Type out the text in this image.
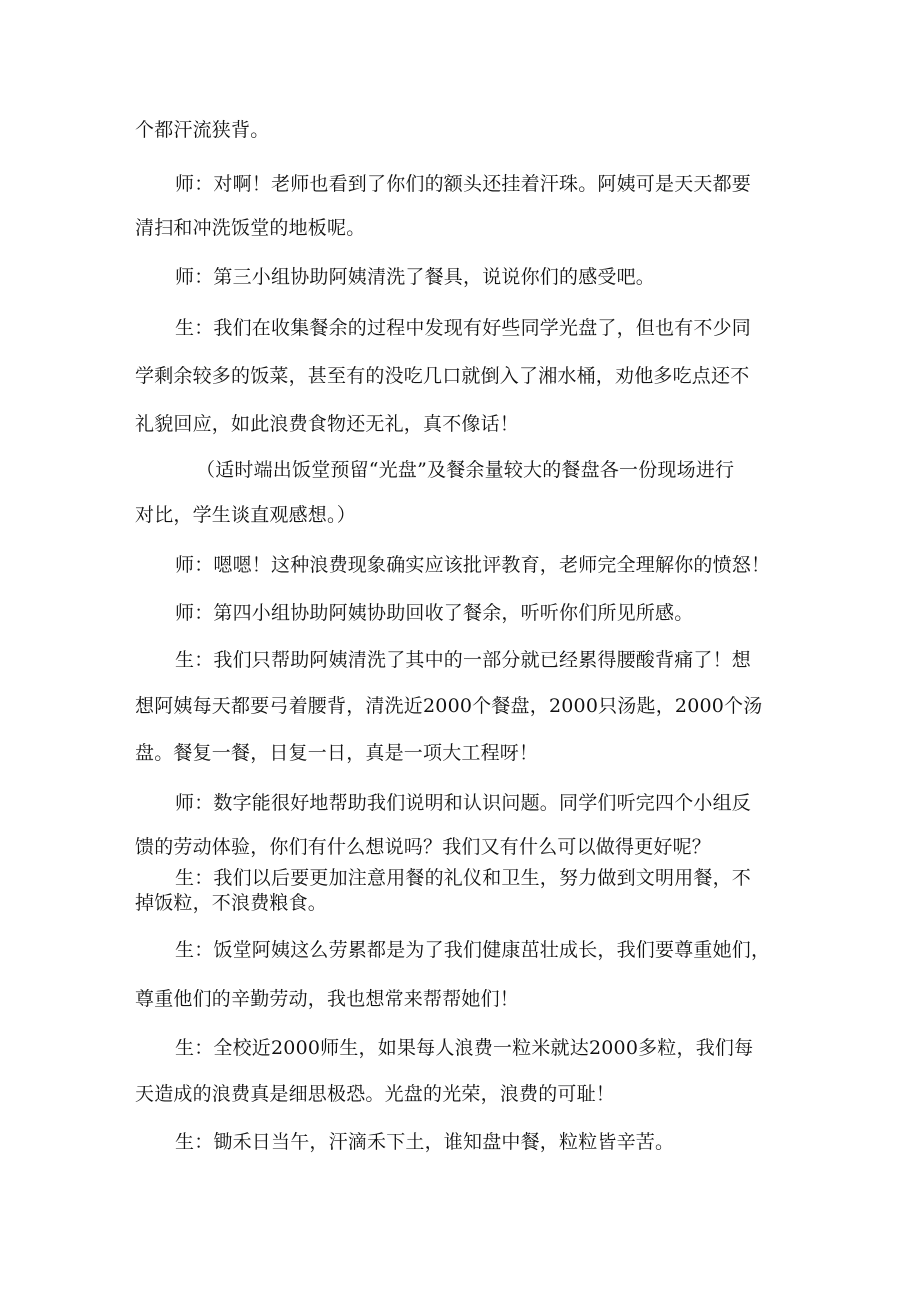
个都汗流狭背。
师：对啊！老师也看到了你们的额头还挂着汗珠。阿姨可是天天都要
清扫和冲洗饭堂的地板呢。
师：第三小组协助阿姨清洗了餐具，说说你们的感受吧。
生：我们在收集餐余的过程中发现有好些同学光盘了，但也有不少同
学剩余较多的饭菜，甚至有的没吃几口就倒入了湘水桶，劝他多吃点还不
礼貌回应，如此浪费食物还无礼，真不像话！
（适时端出饭堂预留“光盘”及餐余量较大的餐盘各一份现场进行
对比，学生谈直观感想。）
师：嗯嗯！这种浪费现象确实应该批评教育，老师完全理解你的愤怒！
师：第四小组协助阿姨协助回收了餐余，听听你们所见所感。
生：我们只帮助阿姨清洗了其中的一部分就已经累得腰酸背痛了！想
想阿姨每天都要弓着腰背，清洗近2000个餐盘，2000只汤匙，2000个汤
盘。餐复一餐，日复一日，真是一项大工程呀！
师：数字能很好地帮助我们说明和认识问题。同学们听完四个小组反
馈的劳动体验，你们有什么想说吗？我们又有什么可以做得更好呢？
生：我们以后要更加注意用餐的礼仪和卫生，努力做到文明用餐，不
掉饭粒，不浪费粮食。
生：饭堂阿姨这么劳累都是为了我们健康茁壮成长，我们要尊重她们，
尊重他们的辛勤劳动，我也想常来帮帮她们！
生：全校近2000师生，如果每人浪费一粒米就达2000多粒，我们每
天造成的浪费真是细思极恐。光盘的光荣，浪费的可耻！
生：锄禾日当午，汗滴禾下土，谁知盘中餐，粒粒皆辛苦。
